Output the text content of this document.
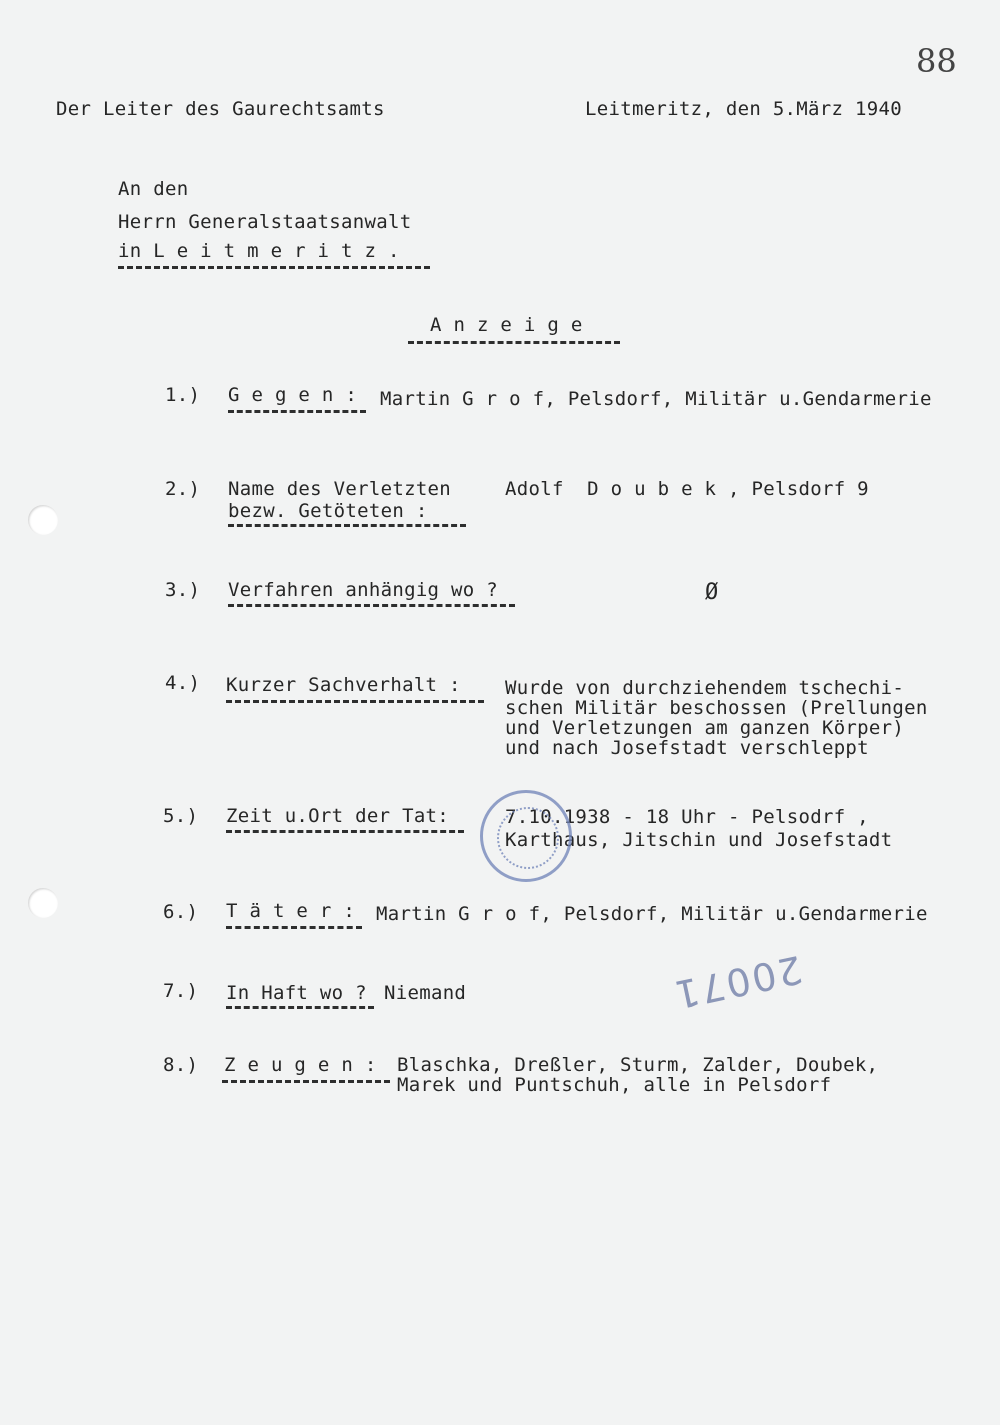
88
Der Leiter des Gaurechtsamts	Leitmeritz, den 5.März 1940
An den
Herrn Generalstaatsanwalt
in L e i t m e r i t z .
A n z e i g e
1.) G e g e n : Martin G r o f, Pelsdorf, Militär u.Gendarmerie
2.) Name des Verletzten
bezw. Getöteten :
Adolf  D o u b e k , Pelsdorf 9
3.) Verfahren anhängig wo ?	Ø
4.) Kurzer Sachverhalt : Wurde von durchziehendem tschechi-
schen Militär beschossen (Prellungen
und Verletzungen am ganzen Körper)
und nach Josefstadt verschleppt
5.) Zeit u.Ort der Tat:	7.10.1938 - 18 Uhr - Pelsodrf ,
Karthaus, Jitschin und Josefstadt
6.) T ä t e r : Martin G r o f, Pelsdorf, Militär u.Gendarmerie
7.) In Haft wo ? Niemand	20071
8.) Z e u g e n : Blaschka, Dreßler, Sturm, Zalder, Doubek,
Marek und Puntschuh, alle in Pelsdorf
